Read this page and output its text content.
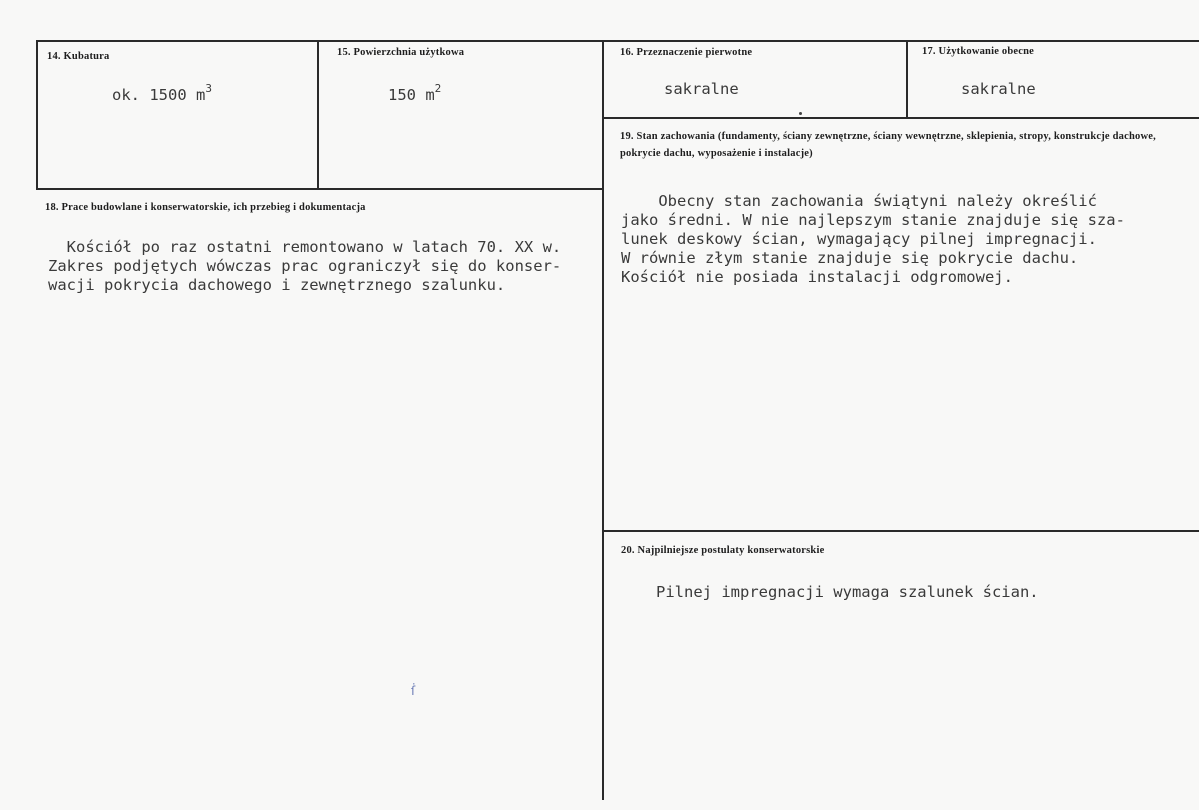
14. Kubatura
ok. 1500 $m^3$
15. Powierzchnia użytkowa
150 $m^2$
16. Przeznaczenie pierwotne
sakralne
17. Użytkowanie obecne
sakralne
18. Prace budowlane i konserwatorskie, ich przebieg i dokumentacja
Kościół po raz ostatni remontowano w latach 70. XX w.
Zakres podjętych wówczas prac ograniczył się do konser-
wacji pokrycia dachowego i zewnętrznego szalunku.
ẛ
19. Stan zachowania (fundamenty, ściany zewnętrzne, ściany wewnętrzne, sklepienia, stropy, konstrukcje dachowe, pokrycie dachu, wyposażenie i instalacje)
Obecny stan zachowania świątyni należy określić
jako średni. W nie najlepszym stanie znajduje się sza-
lunek deskowy ścian, wymagający pilnej impregnacji.
W równie złym stanie znajduje się pokrycie dachu.
Kościół nie posiada instalacji odgromowej.
20. Najpilniejsze postulaty konserwatorskie
Pilnej impregnacji wymaga szalunek ścian.
